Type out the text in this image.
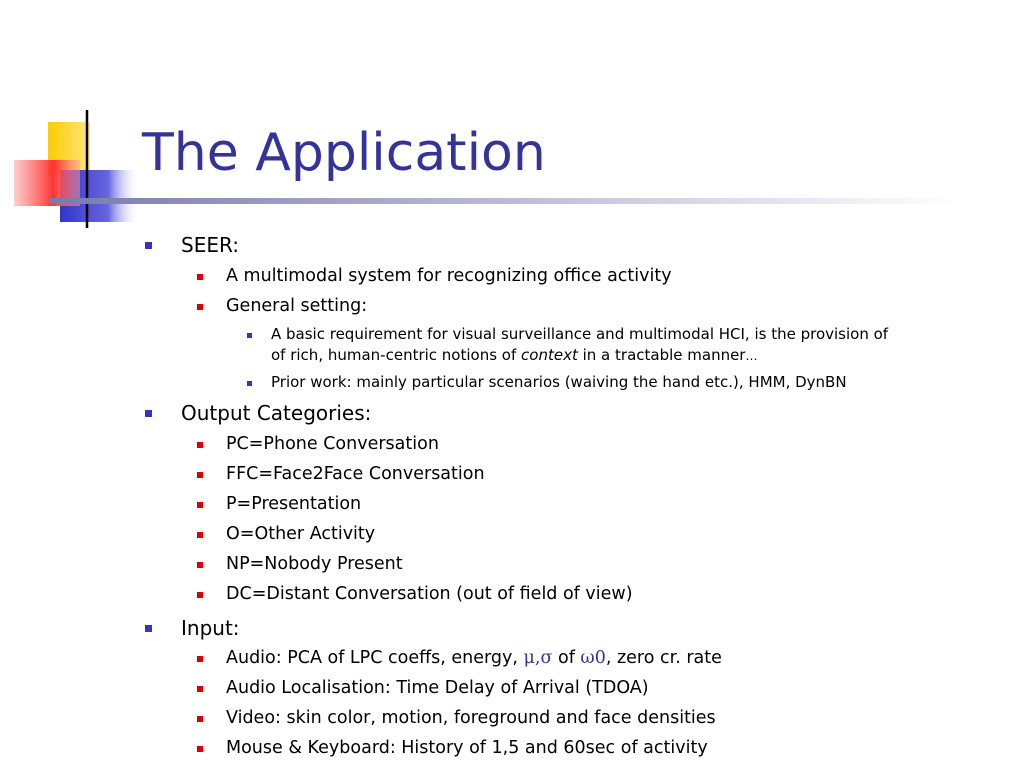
The Application
SEER:
A multimodal system for recognizing office activity
General setting:
A basic requirement for visual surveillance and multimodal HCI, is the provision of
of rich, human-centric notions of context in a tractable manner…
Prior work: mainly particular scenarios (waiving the hand etc.), HMM, DynBN
Output Categories:
PC=Phone Conversation
FFC=Face2Face Conversation
P=Presentation
O=Other Activity
NP=Nobody Present
DC=Distant Conversation (out of field of view)
Input:
Audio: PCA of LPC coeffs, energy, μ,σ of ω0, zero cr. rate
Audio Localisation: Time Delay of Arrival (TDOA)
Video: skin color, motion, foreground and face densities
Mouse & Keyboard: History of 1,5 and 60sec of activity
